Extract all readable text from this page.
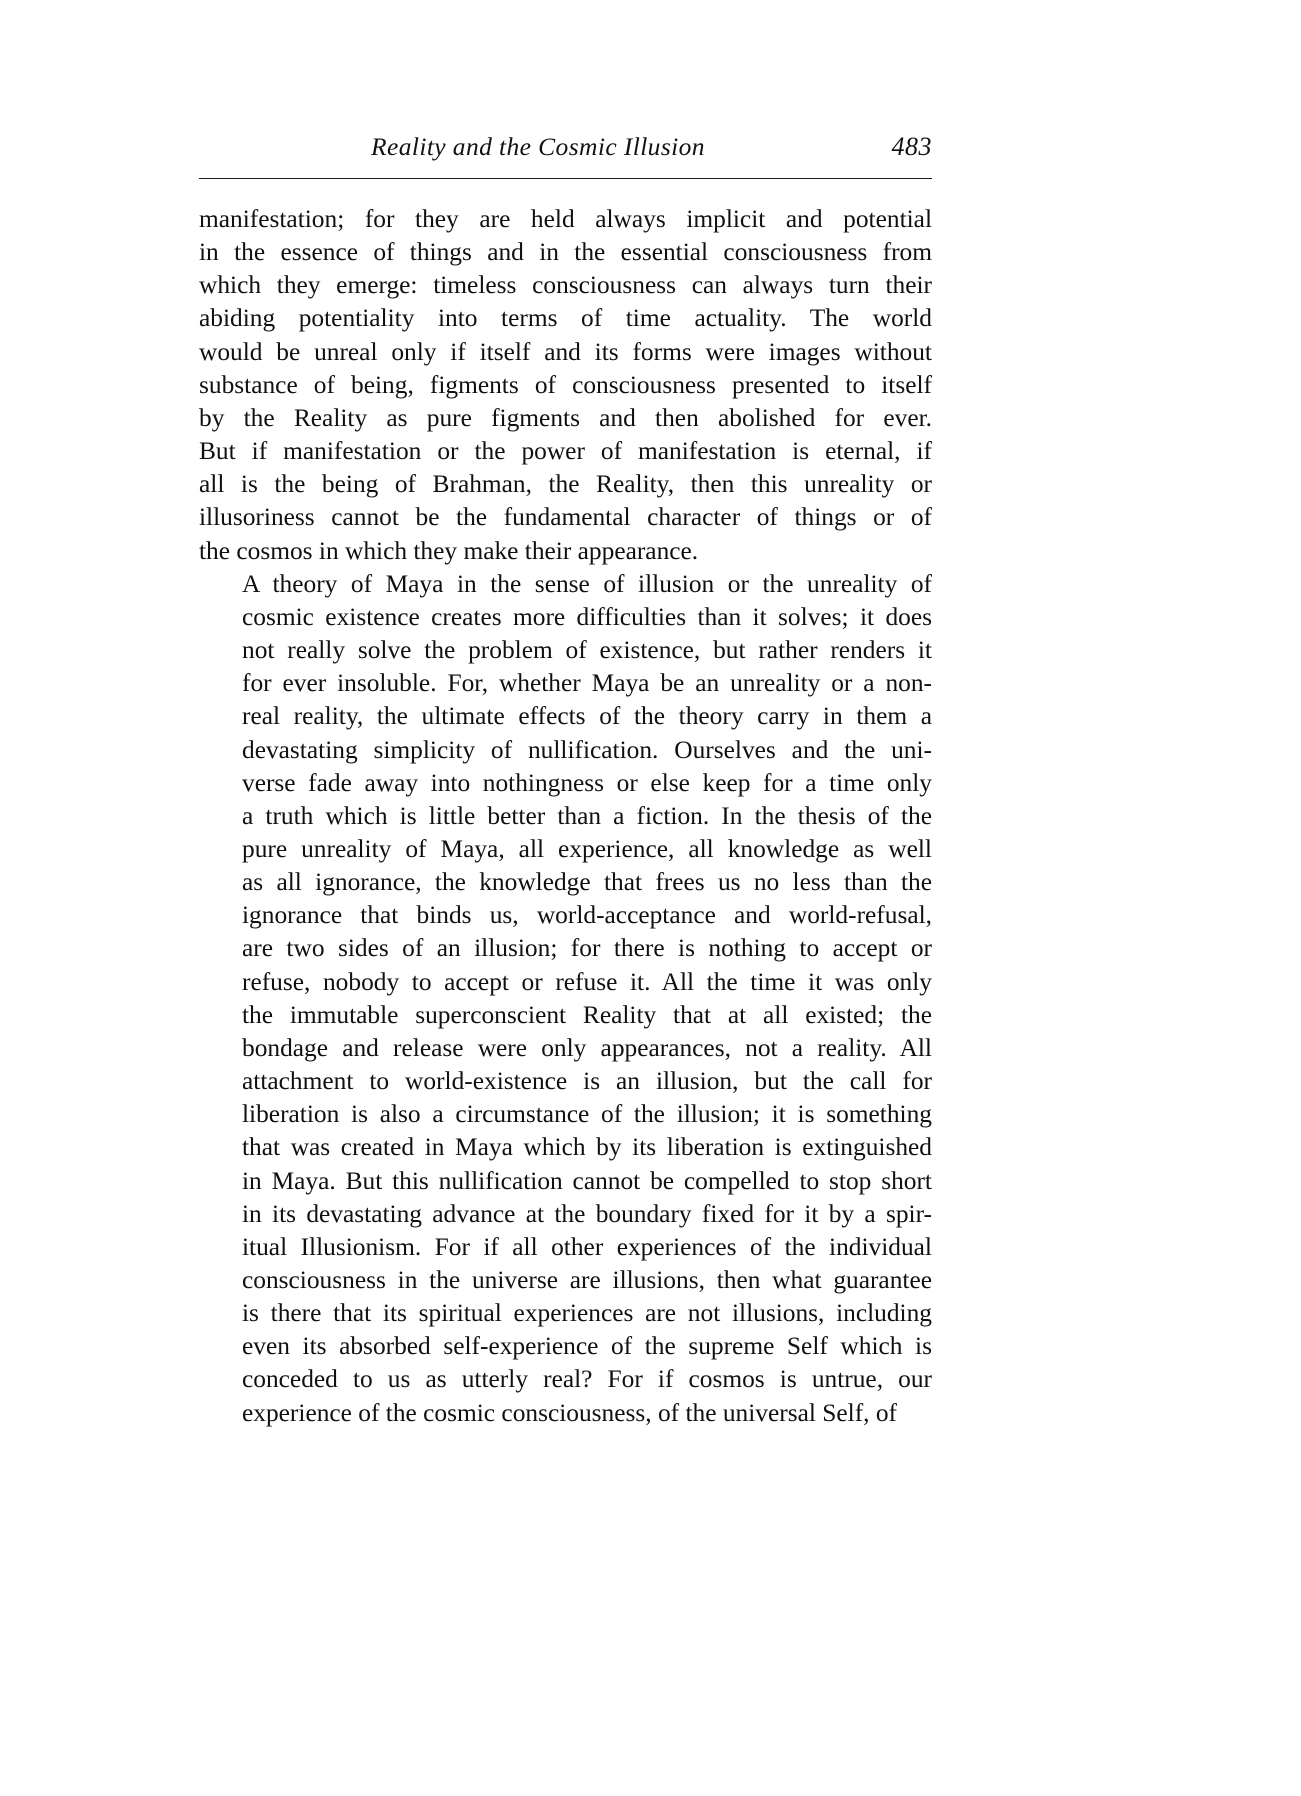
Reality and the Cosmic Illusion	483

manifestation; for they are held always implicit and potential
in the essence of things and in the essential consciousness from
which they emerge: timeless consciousness can always turn their
abiding potentiality into terms of time actuality. The world
would be unreal only if itself and its forms were images without
substance of being, figments of consciousness presented to itself
by the Reality as pure figments and then abolished for ever.
But if manifestation or the power of manifestation is eternal, if
all is the being of Brahman, the Reality, then this unreality or
illusoriness cannot be the fundamental character of things or of
the cosmos in which they make their appearance.

A theory of Maya in the sense of illusion or the unreality of
cosmic existence creates more difficulties than it solves; it does
not really solve the problem of existence, but rather renders it
for ever insoluble. For, whether Maya be an unreality or a non-
real reality, the ultimate effects of the theory carry in them a
devastating simplicity of nullification. Ourselves and the uni-
verse fade away into nothingness or else keep for a time only
a truth which is little better than a fiction. In the thesis of the
pure unreality of Maya, all experience, all knowledge as well
as all ignorance, the knowledge that frees us no less than the
ignorance that binds us, world-acceptance and world-refusal,
are two sides of an illusion; for there is nothing to accept or
refuse, nobody to accept or refuse it. All the time it was only
the immutable superconscient Reality that at all existed; the
bondage and release were only appearances, not a reality. All
attachment to world-existence is an illusion, but the call for
liberation is also a circumstance of the illusion; it is something
that was created in Maya which by its liberation is extinguished
in Maya. But this nullification cannot be compelled to stop short
in its devastating advance at the boundary fixed for it by a spir-
itual Illusionism. For if all other experiences of the individual
consciousness in the universe are illusions, then what guarantee
is there that its spiritual experiences are not illusions, including
even its absorbed self-experience of the supreme Self which is
conceded to us as utterly real? For if cosmos is untrue, our
experience of the cosmic consciousness, of the universal Self, of
